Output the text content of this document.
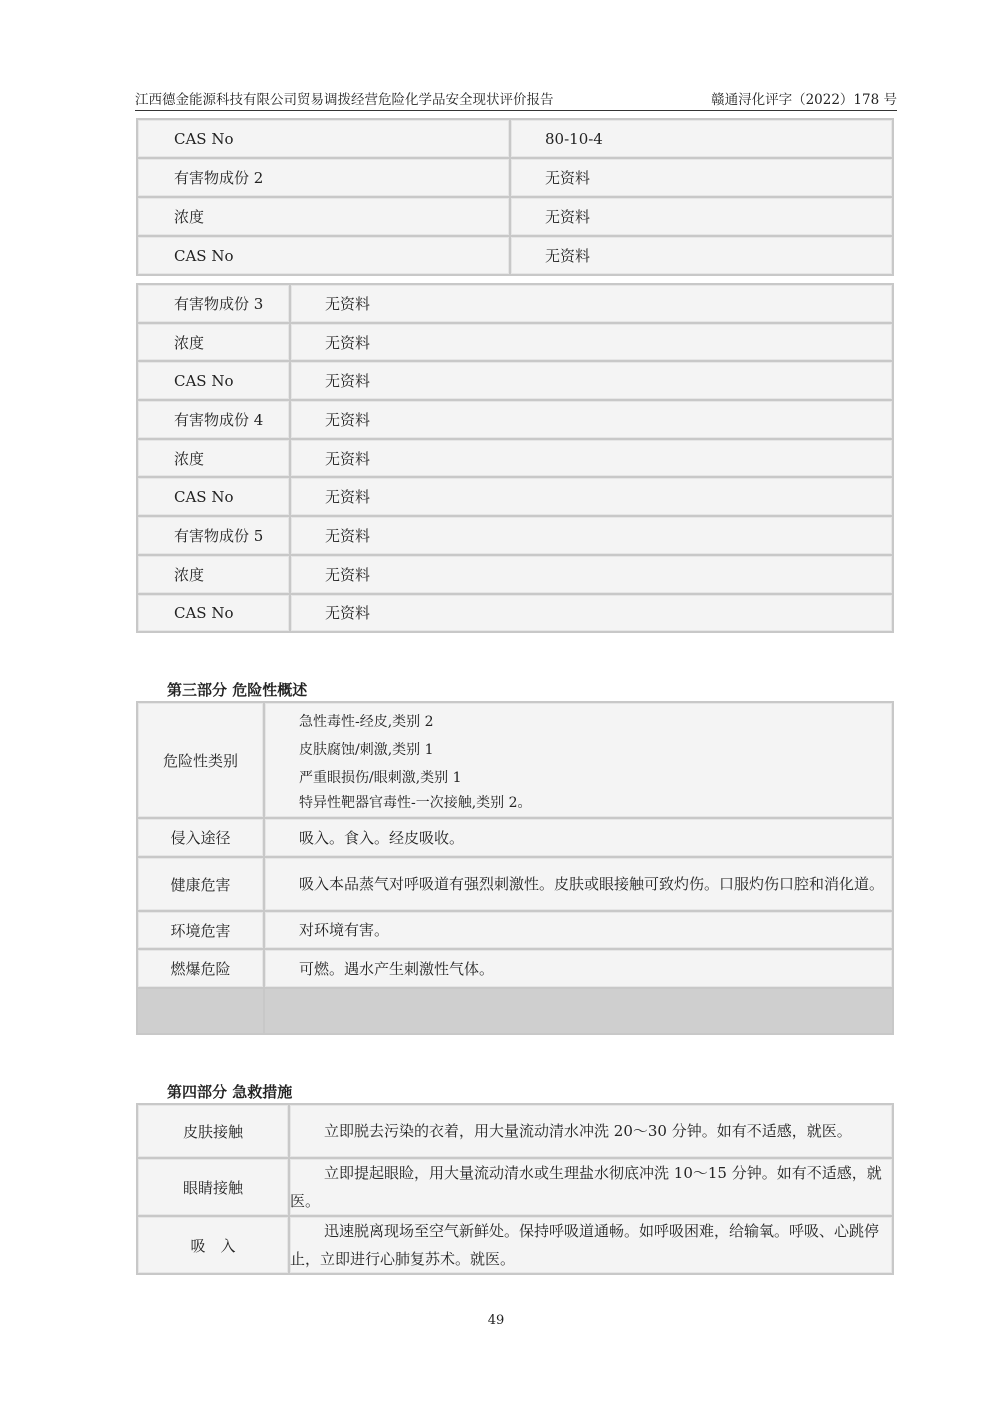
江西德金能源科技有限公司贸易调拨经营危险化学品安全现状评价报告	赣通浔化评字（2022）178 号
CAS No	80-10-4
有害物成份 2	无资料
浓度	无资料
CAS No	无资料
有害物成份 3	无资料
浓度	无资料
CAS No	无资料
有害物成份 4	无资料
浓度	无资料
CAS No	无资料
有害物成份 5	无资料
浓度	无资料
CAS No	无资料
第三部分 危险性概述
危险性类别	急性毒性-经皮,类别 2
皮肤腐蚀/刺激,类别 1
严重眼损伤/眼刺激,类别 1
特异性靶器官毒性-一次接触,类别 2。

侵入途径	吸入。食入。经皮吸收。
健康危害	吸入本品蒸气对呼吸道有强烈刺激性。皮肤或眼接触可致灼伤。口服灼伤口腔和消化道。
环境危害	对环境有害。
燃爆危险	可燃。遇水产生刺激性气体。

第四部分 急救措施
皮肤接触	立即脱去污染的衣着，用大量流动清水冲洗 20～30 分钟。如有不适感，就医。
眼睛接触	立即提起眼睑，用大量流动清水或生理盐水彻底冲洗 10～15 分钟。如有不适感，就医。
吸　入	迅速脱离现场至空气新鲜处。保持呼吸道通畅。如呼吸困难，给输氧。呼吸、心跳停止，立即进行心肺复苏术。就医。
49
